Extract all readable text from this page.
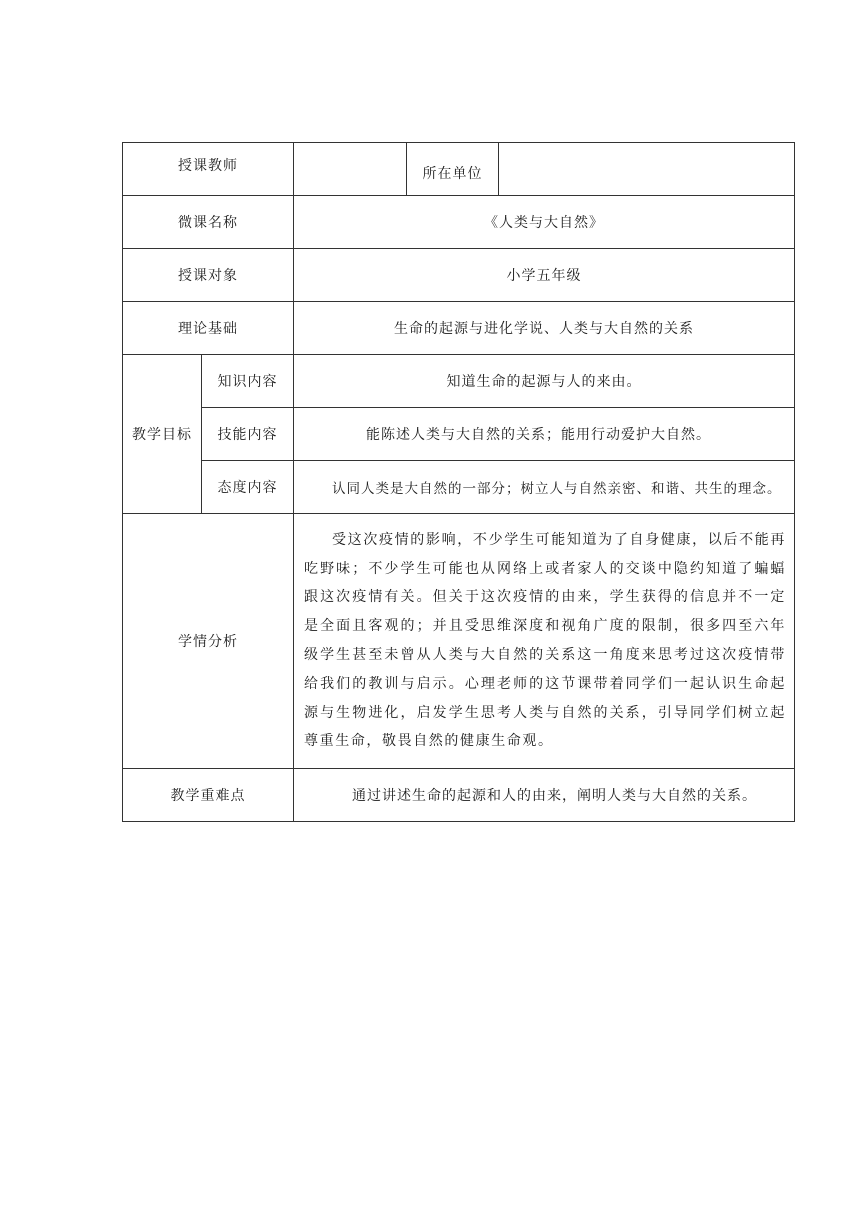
授课教师			所在单位	
微课名称		《人类与大自然》		
授课对象		小学五年级		
理论基础		生命的起源与进化学说、人类与大自然的关系		
教学目标	知识内容	知道生命的起源与人的来由。		
	技能内容	能陈述人类与大自然的关系；能用行动爱护大自然。		
	态度内容	认同人类是大自然的一部分；树立人与自然亲密、和谐、共生的理念。		
学情分析		受这次疫情的影响，不少学生可能知道为了自身健康，以后不能再吃野味；不少学生可能也从网络上或者家人的交谈中隐约知道了蝙蝠跟这次疫情有关。但关于这次疫情的由来，学生获得的信息并不一定是全面且客观的；并且受思维深度和视角广度的限制，很多四至六年级学生甚至未曾从人类与大自然的关系这一角度来思考过这次疫情带给我们的教训与启示。心理老师的这节课带着同学们一起认识生命起源与生物进化，启发学生思考人类与自然的关系，引导同学们树立起尊重生命，敬畏自然的健康生命观。		
教学重难点		通过讲述生命的起源和人的由来，阐明人类与大自然的关系。		
